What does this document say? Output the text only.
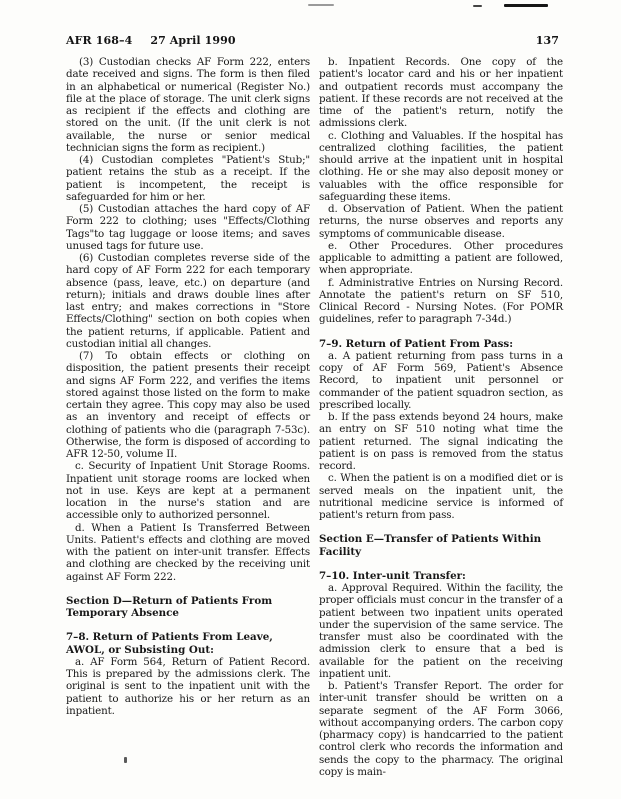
AFR 168–4 27 April 1990	137

(3) Custodian checks AF Form 222, enters date received and signs. The form is then filed in an alphabetical or numerical (Register No.) file at the place of storage. The unit clerk signs as recipient if the effects and clothing are stored on the unit. (If the unit clerk is not available, the nurse or senior medical technician signs the form as recipient.)

(4) Custodian completes "Patient's Stub;" patient retains the stub as a receipt. If the patient is incompetent, the receipt is safeguarded for him or her.

(5) Custodian attaches the hard copy of AF Form 222 to clothing; uses "Effects/Clothing Tags"to tag luggage or loose items; and saves unused tags for future use.

(6) Custodian completes reverse side of the hard copy of AF Form 222 for each temporary absence (pass, leave, etc.) on departure (and return); initials and draws double lines after last entry; and makes corrections in "Store Effects/Clothing" section on both copies when the patient returns, if applicable. Patient and custodian initial all changes.

(7) To obtain effects or clothing on disposition, the patient presents their receipt and signs AF Form 222, and verifies the items stored against those listed on the form to make certain they agree. This copy may also be used as an inventory and receipt of effects or clothing of patients who die (paragraph 7-53c). Otherwise, the form is disposed of according to AFR 12-50, volume II.

c. Security of Inpatient Unit Storage Rooms. Inpatient unit storage rooms are locked when not in use. Keys are kept at a permanent location in the nurse's station and are accessible only to authorized personnel.

d. When a Patient Is Transferred Between Units. Patient's effects and clothing are moved with the patient on inter-unit transfer. Effects and clothing are checked by the receiving unit against AF Form 222.

Section D—Return of Patients From Temporary Absence

7–8. Return of Patients From Leave, AWOL, or Subsisting Out:

a. AF Form 564, Return of Patient Record. This is prepared by the admissions clerk. The original is sent to the inpatient unit with the patient to authorize his or her return as an inpatient.

b. Inpatient Records. One copy of the patient's locator card and his or her inpatient and outpatient records must accompany the patient. If these records are not received at the time of the patient's return, notify the admissions clerk.

c. Clothing and Valuables. If the hospital has centralized clothing facilities, the patient should arrive at the inpatient unit in hospital clothing. He or she may also deposit money or valuables with the office responsible for safeguarding these items.

d. Observation of Patient. When the patient returns, the nurse observes and reports any symptoms of communicable disease.

e. Other Procedures. Other procedures applicable to admitting a patient are followed, when appropriate.

f. Administrative Entries on Nursing Record. Annotate the patient's return on SF 510, Clinical Record - Nursing Notes. (For POMR guidelines, refer to paragraph 7-34d.)

7–9. Return of Patient From Pass:

a. A patient returning from pass turns in a copy of AF Form 569, Patient's Absence Record, to inpatient unit personnel or commander of the patient squadron section, as prescribed locally.

b. If the pass extends beyond 24 hours, make an entry on SF 510 noting what time the patient returned. The signal indicating the patient is on pass is removed from the status record.

c. When the patient is on a modified diet or is served meals on the inpatient unit, the nutritional medicine service is informed of patient's return from pass.

Section E—Transfer of Patients Within Facility

7–10. Inter-unit Transfer:

a. Approval Required. Within the facility, the proper officials must concur in the transfer of a patient between two inpatient units operated under the supervision of the same service. The transfer must also be coordinated with the admission clerk to ensure that a bed is available for the patient on the receiving inpatient unit.

b. Patient's Transfer Report. The order for inter-unit transfer should be written on a separate segment of the AF Form 3066, without accompanying orders. The carbon copy (pharmacy copy) is handcarried to the patient control clerk who records the information and sends the copy to the pharmacy. The original copy is main-
